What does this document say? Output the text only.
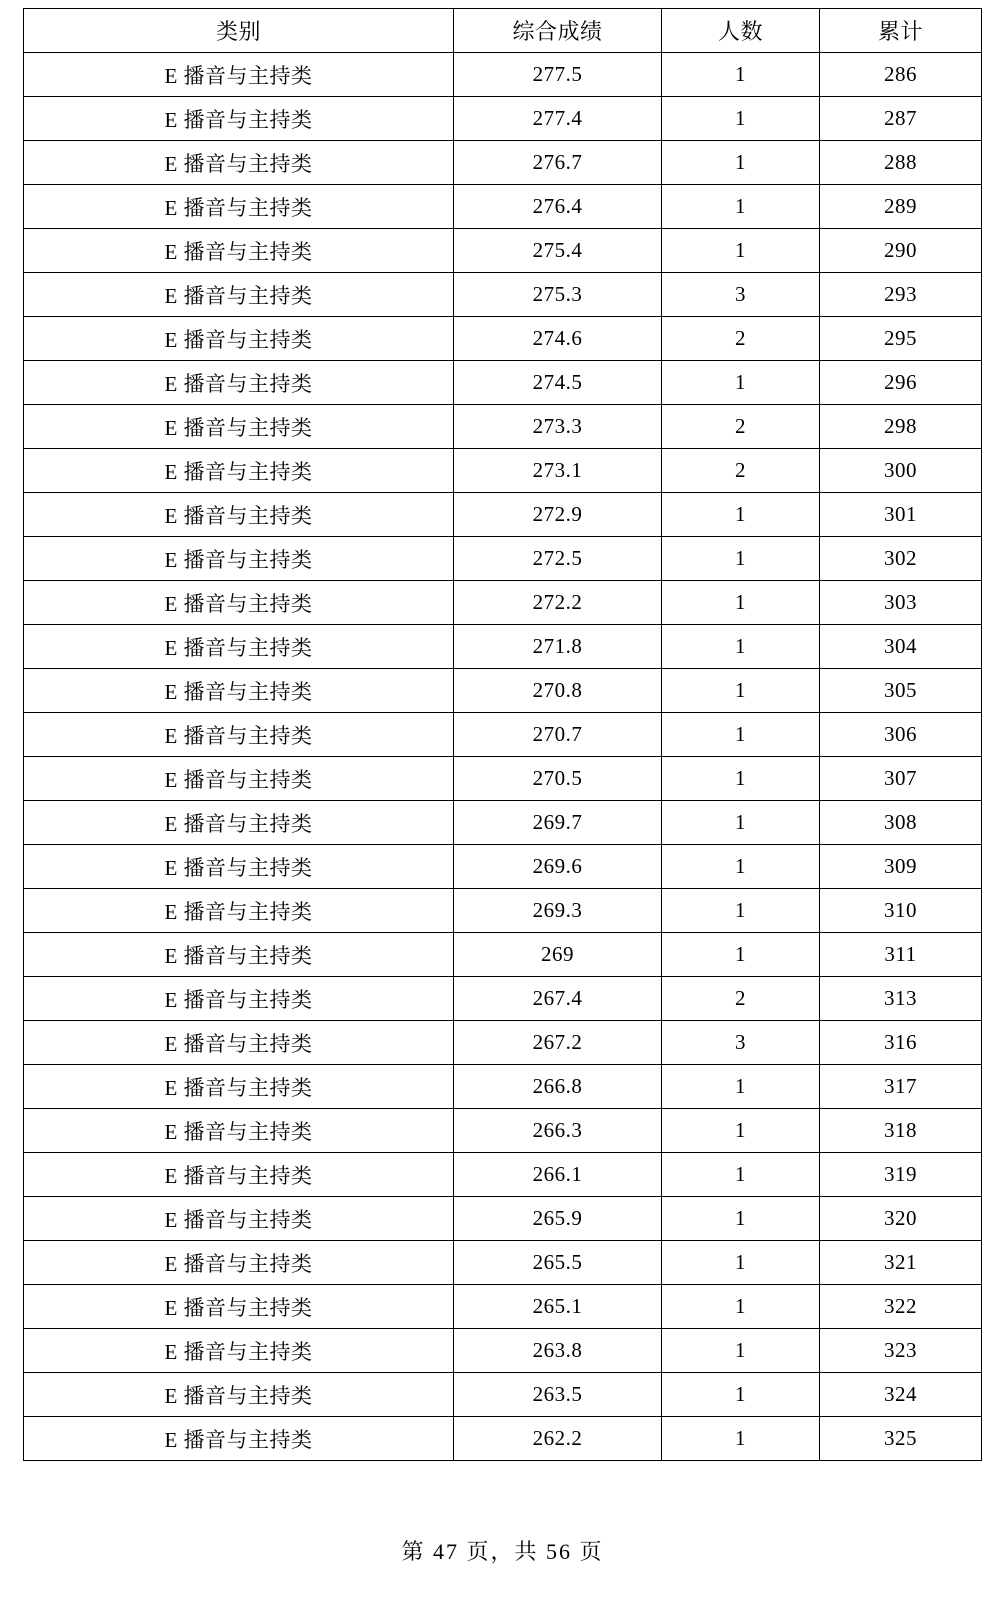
类别	综合成绩	人数	累计
E 播音与主持类	277.5	1	286
E 播音与主持类	277.4	1	287
E 播音与主持类	276.7	1	288
E 播音与主持类	276.4	1	289
E 播音与主持类	275.4	1	290
E 播音与主持类	275.3	3	293
E 播音与主持类	274.6	2	295
E 播音与主持类	274.5	1	296
E 播音与主持类	273.3	2	298
E 播音与主持类	273.1	2	300
E 播音与主持类	272.9	1	301
E 播音与主持类	272.5	1	302
E 播音与主持类	272.2	1	303
E 播音与主持类	271.8	1	304
E 播音与主持类	270.8	1	305
E 播音与主持类	270.7	1	306
E 播音与主持类	270.5	1	307
E 播音与主持类	269.7	1	308
E 播音与主持类	269.6	1	309
E 播音与主持类	269.3	1	310
E 播音与主持类	269	1	311
E 播音与主持类	267.4	2	313
E 播音与主持类	267.2	3	316
E 播音与主持类	266.8	1	317
E 播音与主持类	266.3	1	318
E 播音与主持类	266.1	1	319
E 播音与主持类	265.9	1	320
E 播音与主持类	265.5	1	321
E 播音与主持类	265.1	1	322
E 播音与主持类	263.8	1	323
E 播音与主持类	263.5	1	324
E 播音与主持类	262.2	1	325
第 47 页，共 56 页
